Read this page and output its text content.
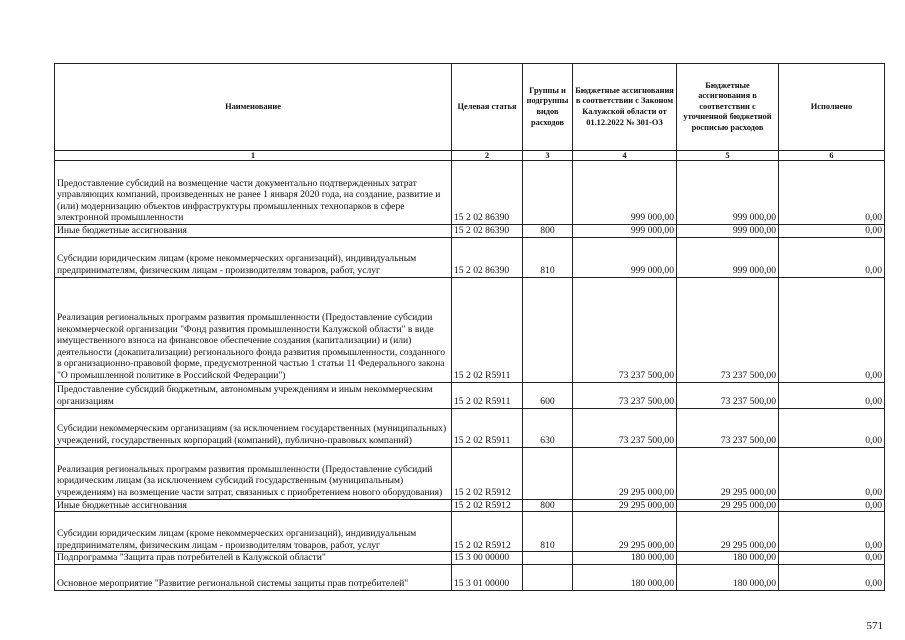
Наименование	Целевая статья	Группы и подгруппы видов расходов	Бюджетные ассигнования в соответствии с Законом Калужской области от 01.12.2022 № 301-ОЗ	Бюджетные ассигнования в соответствии с уточненной бюджетной росписью расходов	Исполнено
1	2	3	4	5	6
Предоставление субсидий на возмещение части документально подтвержденных затрат управляющих компаний, произведенных не ранее 1 января 2020 года, на создание, развитие и (или) модернизацию объектов инфраструктуры промышленных технопарков в сфере электронной промышленности	15 2 02 86390		999 000,00	999 000,00	0,00
Иные бюджетные ассигнования	15 2 02 86390	800	999 000,00	999 000,00	0,00
Субсидии юридическим лицам (кроме некоммерческих организаций), индивидуальным предпринимателям, физическим лицам - производителям товаров, работ, услуг	15 2 02 86390	810	999 000,00	999 000,00	0,00
Реализация региональных программ развития промышленности (Предоставление субсидии некоммерческой организации "Фонд развития промышленности Калужской области" в виде имущественного взноса на финансовое обеспечение создания (капитализации) и (или) деятельности (докапитализации) регионального фонда развития промышленности, созданного в организационно-правовой форме, предусмотренной частью 1 статьи 11 Федерального закона "О промышленной политике в Российской Федерации")	15 2 02 R5911		73 237 500,00	73 237 500,00	0,00
Предоставление субсидий бюджетным, автономным учреждениям и иным некоммерческим организациям	15 2 02 R5911	600	73 237 500,00	73 237 500,00	0,00
Субсидии некоммерческим организациям (за исключением государственных (муниципальных) учреждений, государственных корпораций (компаний), публично-правовых компаний)	15 2 02 R5911	630	73 237 500,00	73 237 500,00	0,00
Реализация региональных программ развития промышленности (Предоставление субсидий юридическим лицам (за исключением субсидий государственным (муниципальным) учреждениям) на возмещение части затрат, связанных с приобретением нового оборудования)	15 2 02 R5912		29 295 000,00	29 295 000,00	0,00
Иные бюджетные ассигнования	15 2 02 R5912	800	29 295 000,00	29 295 000,00	0,00
Субсидии юридическим лицам (кроме некоммерческих организаций), индивидуальным предпринимателям, физическим лицам - производителям товаров, работ, услуг	15 2 02 R5912	810	29 295 000,00	29 295 000,00	0,00
Подпрограмма "Защита прав потребителей в Калужской области"	15 3 00 00000		180 000,00	180 000,00	0,00
Основное мероприятие "Развитие региональной системы защиты прав потребителей"	15 3 01 00000		180 000,00	180 000,00	0,00
571
